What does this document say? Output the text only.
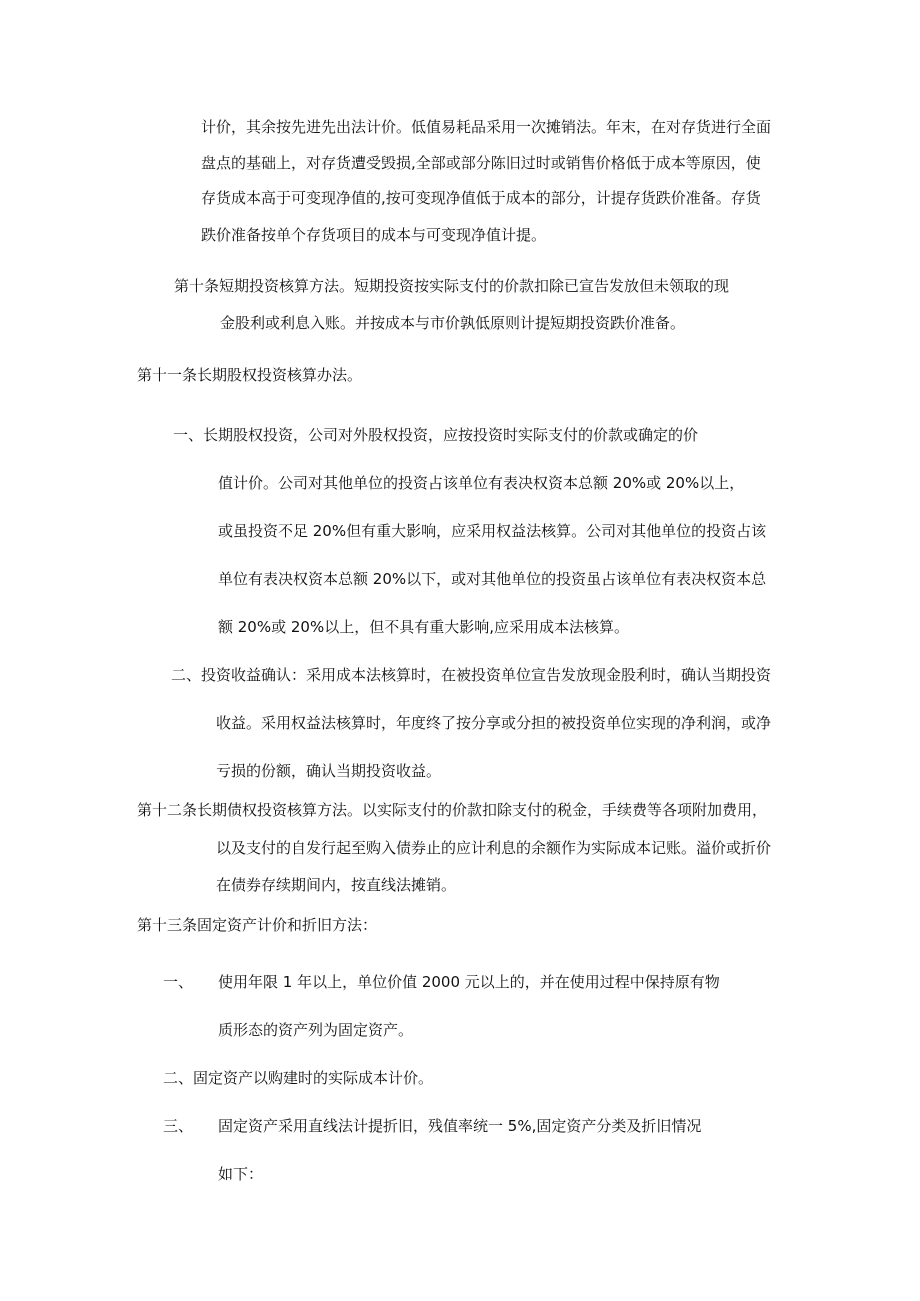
计价，其余按先进先出法计价。低值易耗品采用一次摊销法。年末，在对存货进行全面
盘点的基础上，对存货遭受毁损,全部或部分陈旧过时或销售价格低于成本等原因，使
存货成本高于可变现净值的,按可变现净值低于成本的部分，计提存货跌价准备。存货
跌价准备按单个存货项目的成本与可变现净值计提。
第十条短期投资核算方法。短期投资按实际支付的价款扣除已宣告发放但未领取的现
金股利或利息入账。并按成本与市价孰低原则计提短期投资跌价准备。
第十一条长期股权投资核算办法。
一、长期股权投资，公司对外股权投资，应按投资时实际支付的价款或确定的价
值计价。公司对其他单位的投资占该单位有表决权资本总额 20%或 20%以上，
或虽投资不足 20%但有重大影响，应采用权益法核算。公司对其他单位的投资占该
单位有表决权资本总额 20%以下，或对其他单位的投资虽占该单位有表决权资本总
额 20%或 20%以上，但不具有重大影响,应采用成本法核算。
二、投资收益确认：采用成本法核算时，在被投资单位宣告发放现金股利时，确认当期投资
收益。采用权益法核算时，年度终了按分享或分担的被投资单位实现的净利润，或净
亏损的份额，确认当期投资收益。
第十二条长期债权投资核算方法。以实际支付的价款扣除支付的税金，手续费等各项附加费用，
以及支付的自发行起至购入债券止的应计利息的余额作为实际成本记账。溢价或折价
在债券存续期间内，按直线法摊销。
第十三条固定资产计价和折旧方法：
一、 使用年限 1 年以上，单位价值 2000 元以上的，并在使用过程中保持原有物
质形态的资产列为固定资产。
二、固定资产以购建时的实际成本计价。
三、 固定资产采用直线法计提折旧，残值率统一 5%,固定资产分类及折旧情况
如下：
